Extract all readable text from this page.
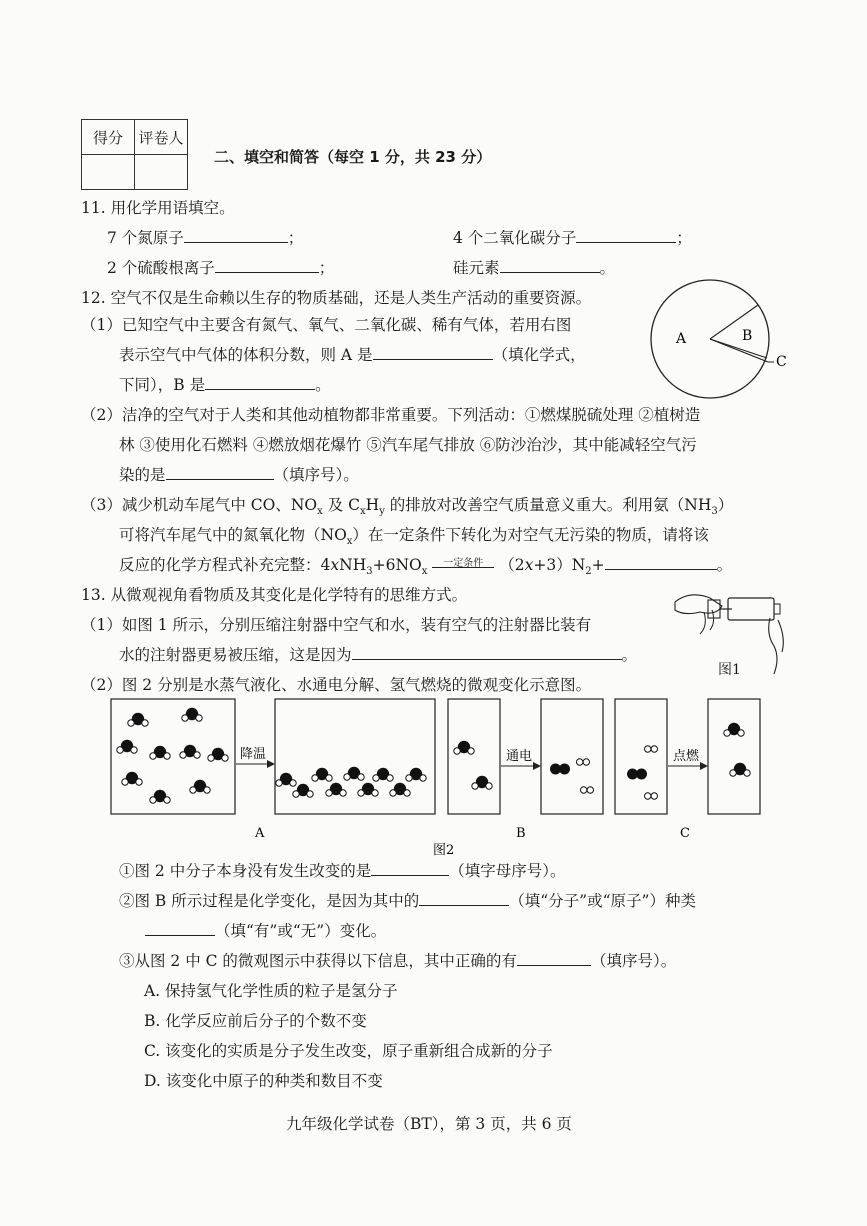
得分	评卷人

二、填空和简答（每空 1 分，共 23 分）
11. 用化学用语填空。
7 个氮原子	；	4 个二氧化碳分子	；
2 个硫酸根离子	；	硅元素	。
12. 空气不仅是生命赖以生存的物质基础，还是人类生产活动的重要资源。
（1）已知空气中主要含有氮气、氧气、二氧化碳、稀有气体，若用右图
表示空气中气体的体积分数，则 A 是	（填化学式，
下同），B 是	。
A	B
C
（2）洁净的空气对于人类和其他动植物都非常重要。下列活动：①燃煤脱硫处理 ②植树造
林 ③使用化石燃料 ④燃放烟花爆竹 ⑤汽车尾气排放 ⑥防沙治沙，其中能减轻空气污
染的是	（填序号）。
（3）减少机动车尾气中 CO、$NO_x$ 及 $C_xH_y$ 的排放对改善空气质量意义重大。利用氨$(NH_3)$
可将汽车尾气中的氮氧化物$(NO_x)$在一定条件下转化为对空气无污染的物质，请将该
反应的化学方程式补充完整：$4xNH_3+6NO_x$ 一定条件 $(2x+3)N_2+$	。
13. 从微观视角看物质及其变化是化学特有的思维方式。
（1）如图 1 所示，分别压缩注射器中空气和水，装有空气的注射器比装有
水的注射器更易被压缩，这是因为	。
图1
（2）图 2 分别是水蒸气液化、水通电分解、氢气燃烧的微观变化示意图。
降温	通电	点燃
A	B	C
图2
①图 2 中分子本身没有发生改变的是	（填字母序号）。
②图 B 所示过程是化学变化，是因为其中的	（填“分子”或“原子”）种类
（填“有”或“无”）变化。
③从图 2 中 C 的微观图示中获得以下信息，其中正确的有	（填序号）。
A. 保持氢气化学性质的粒子是氢分子
B. 化学反应前后分子的个数不变
C. 该变化的实质是分子发生改变，原子重新组合成新的分子
D. 该变化中原子的种类和数目不变
九年级化学试卷（BT），第 3 页，共 6 页
